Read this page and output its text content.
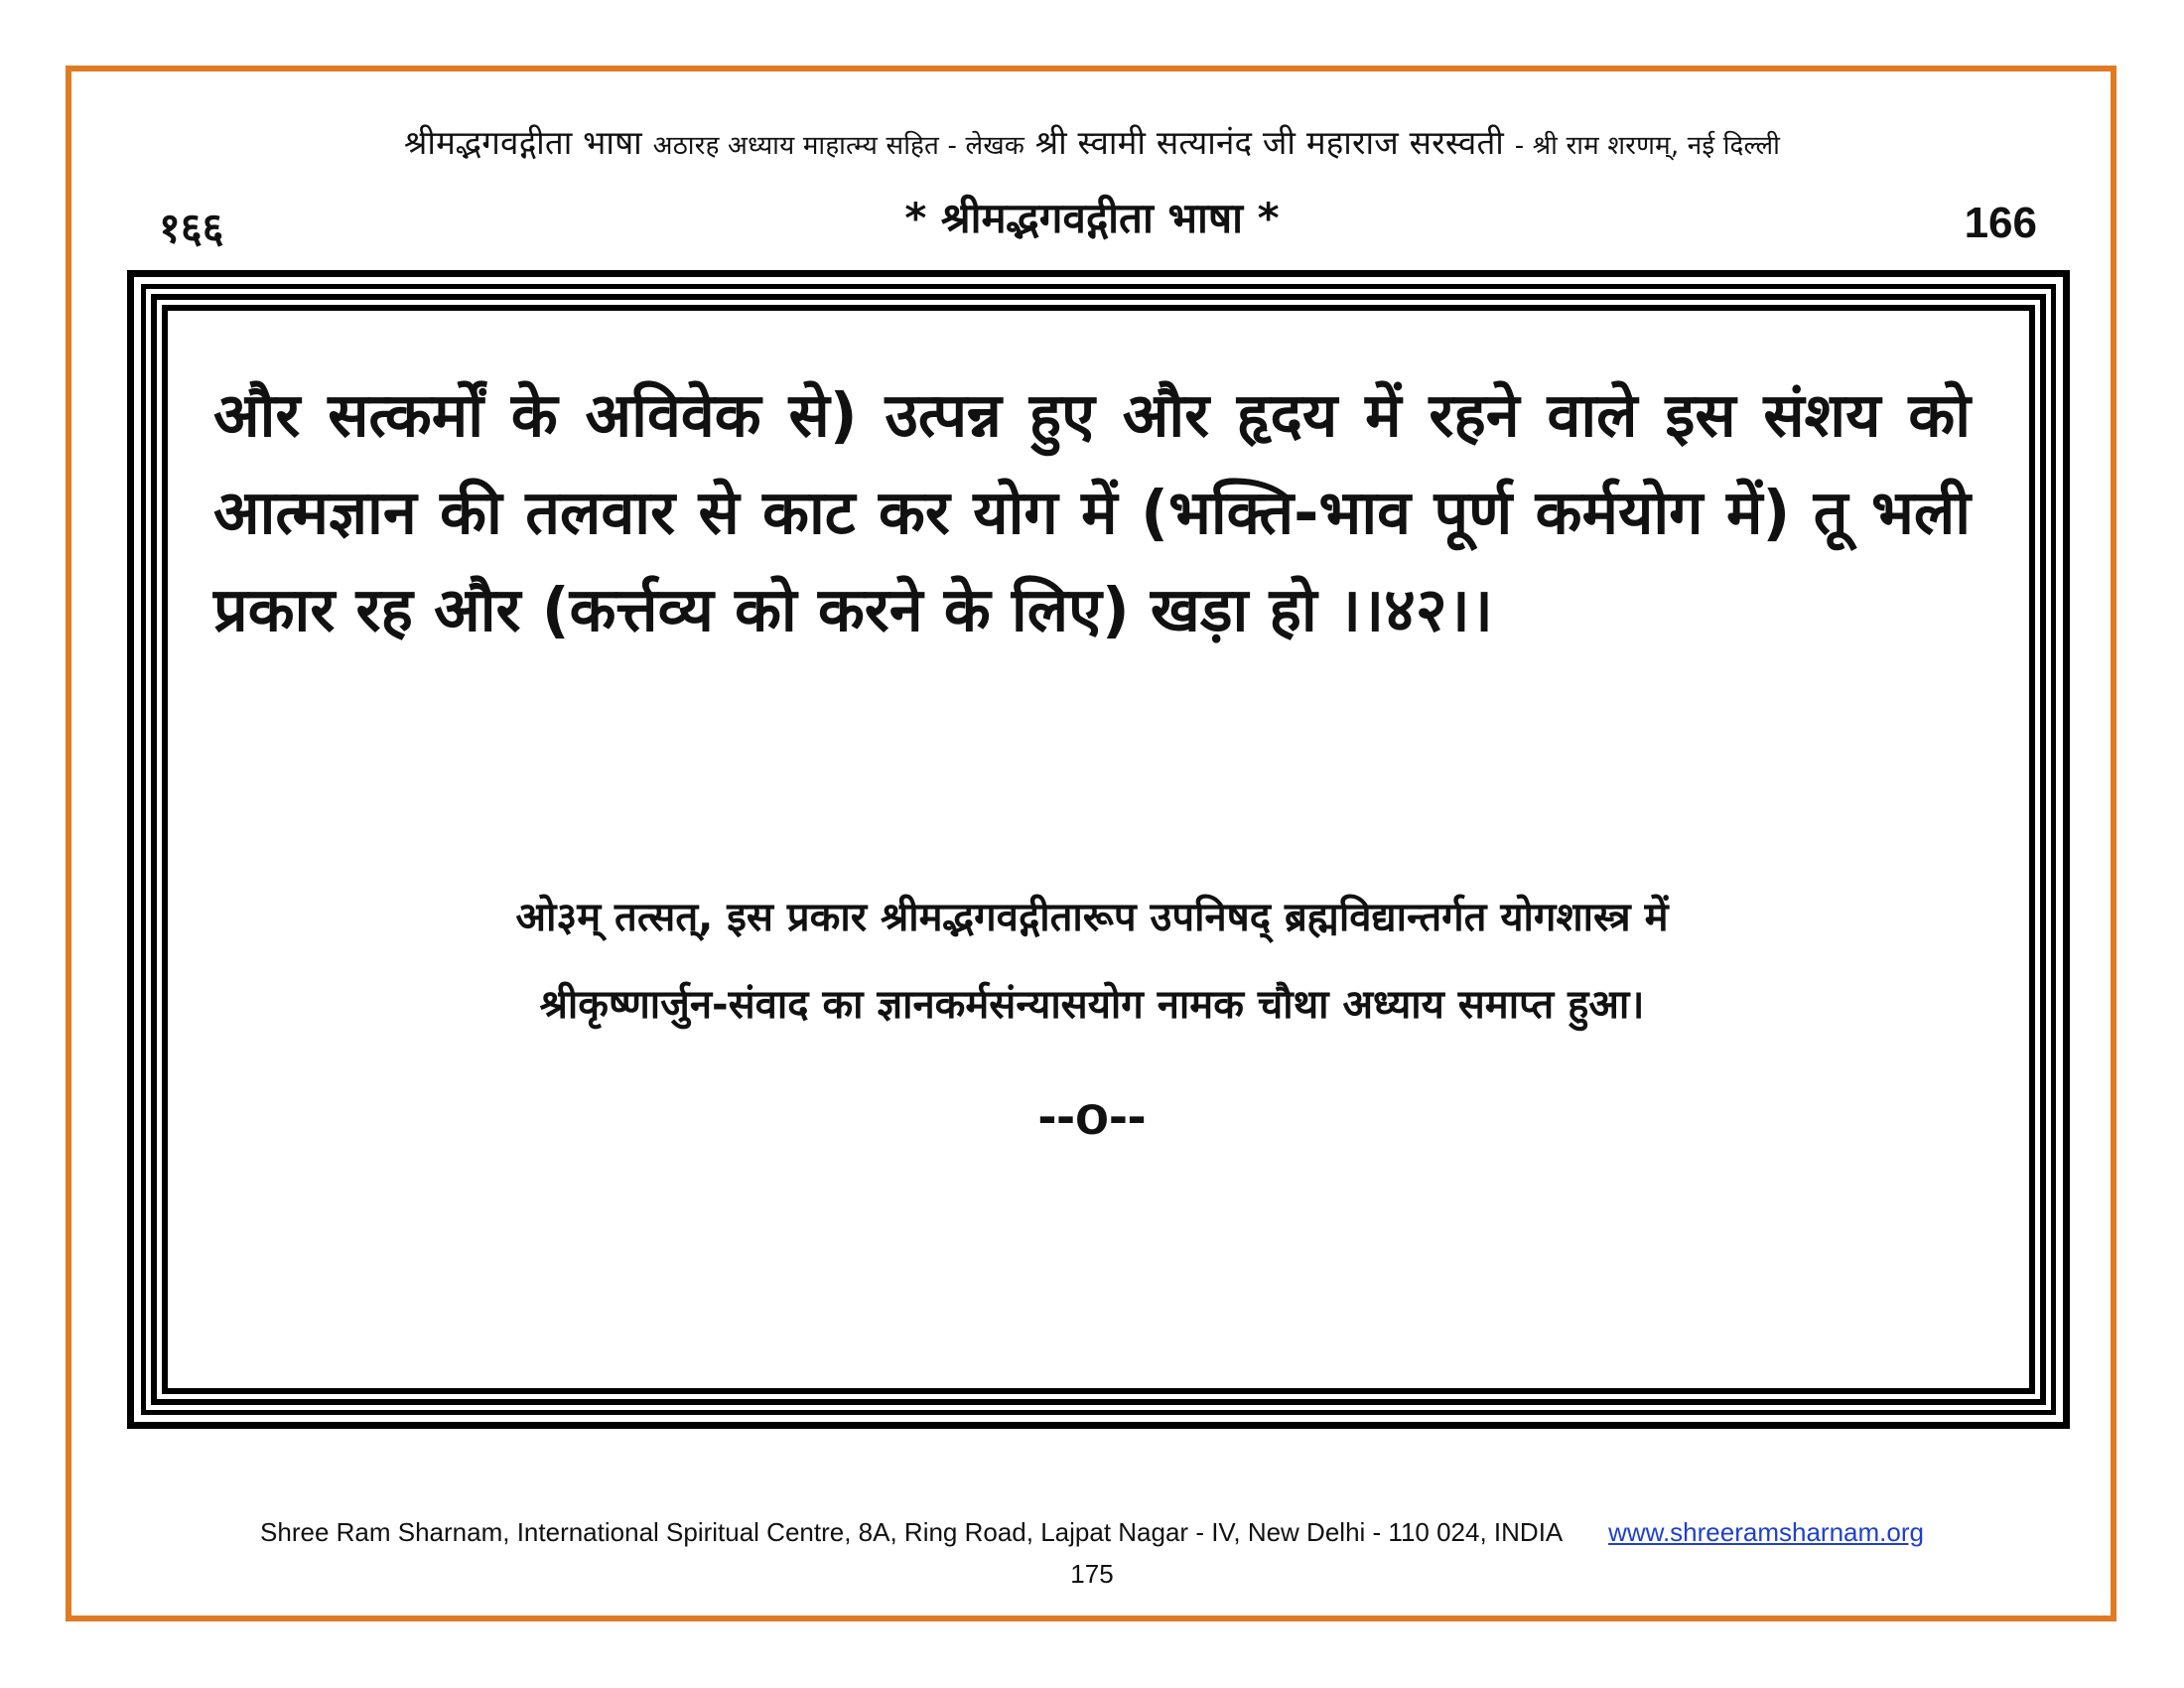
श्रीमद्भगवद्गीता भाषा अठारह अध्याय माहात्म्य सहित - लेखक श्री स्वामी सत्यानंद जी महाराज सरस्वती - श्री राम शरणम्, नई दिल्ली
१६६	* श्रीमद्भगवद्गीता भाषा *	166
और सत्कर्मों के अविवेक से) उत्पन्न हुए और हृदय में रहने वाले इस संशय को आत्मज्ञान की तलवार से काट कर योग में (भक्ति-भाव पूर्ण कर्मयोग में) तू भली प्रकार रह और (कर्त्तव्य को करने के लिए) खड़ा हो ।।४२।।
ओ३म् तत्सत्, इस प्रकार श्रीमद्भगवद्गीतारूप उपनिषद् ब्रह्मविद्यान्तर्गत योगशास्त्र में
श्रीकृष्णार्जुन-संवाद का ज्ञानकर्मसंन्यासयोग नामक चौथा अध्याय समाप्त हुआ।
--o--
Shree Ram Sharnam, International Spiritual Centre, 8A, Ring Road, Lajpat Nagar - IV, New Delhi - 110 024, INDIA www.shreeramsharnam.org
175
